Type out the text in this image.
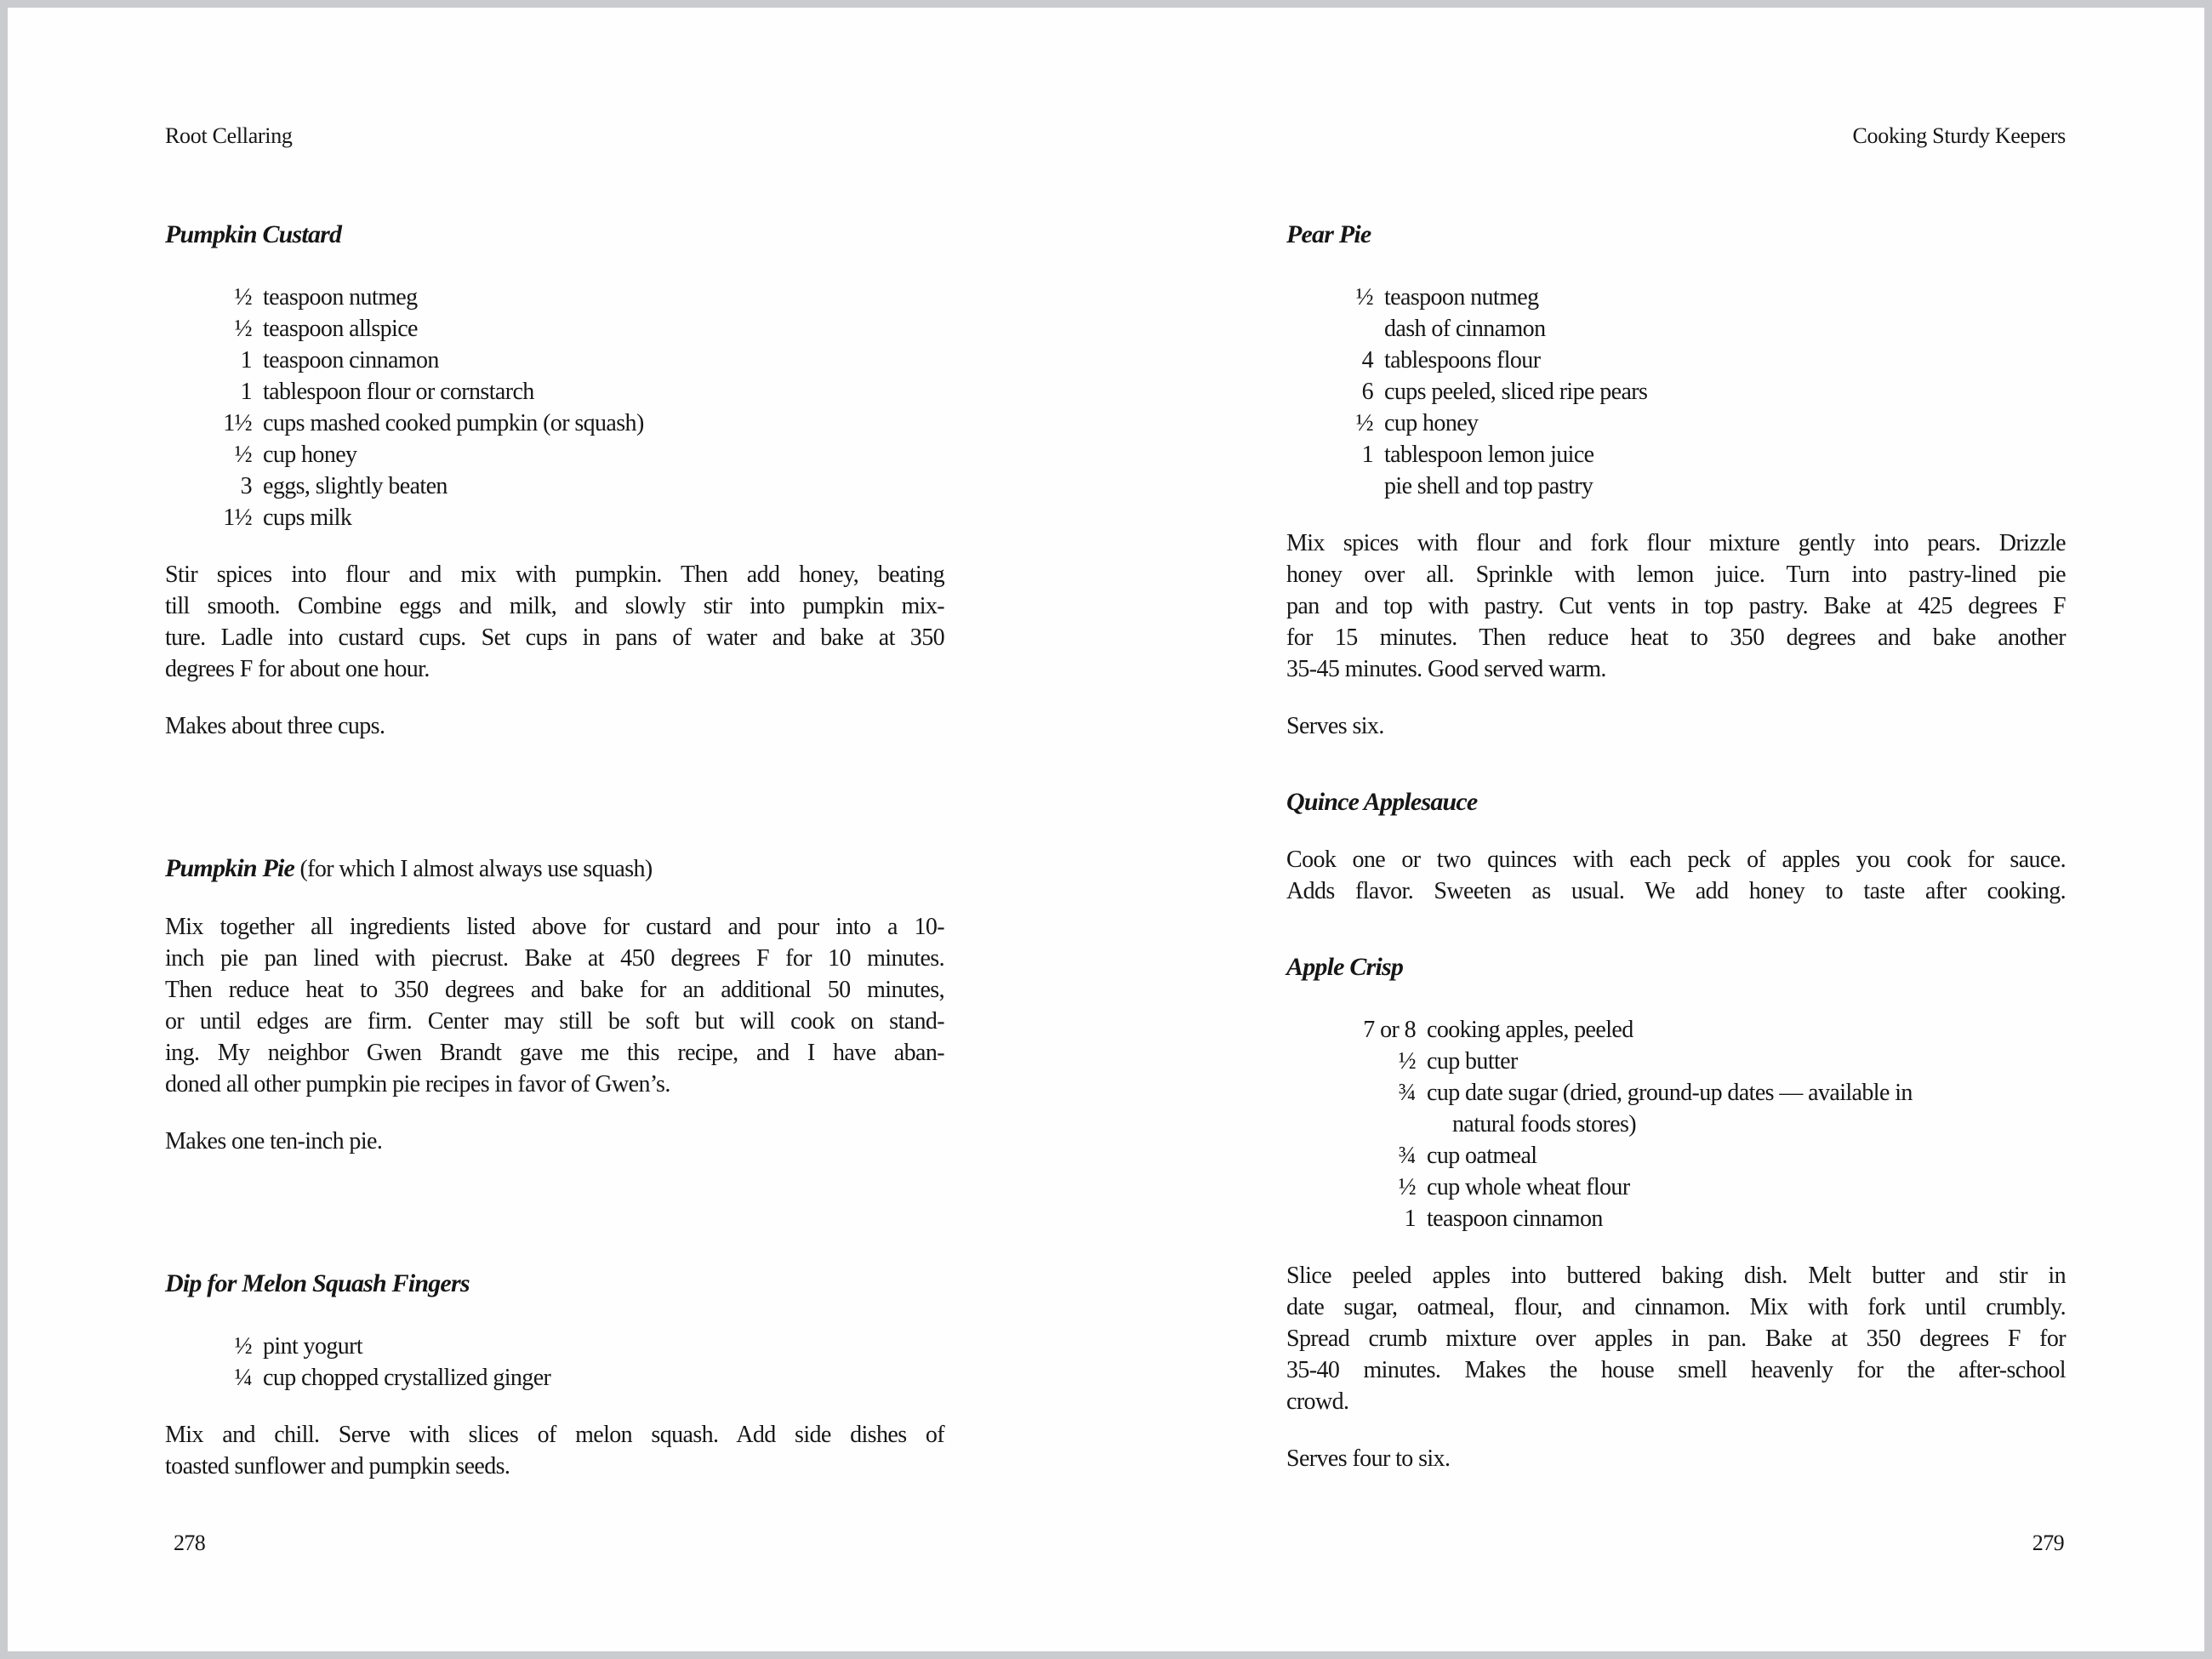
Root Cellaring
Pumpkin Custard
½ teaspoon nutmeg
½ teaspoon allspice
1 teaspoon cinnamon
1 tablespoon flour or cornstarch
1½ cups mashed cooked pumpkin (or squash)
½ cup honey
3 eggs, slightly beaten
1½ cups milk
Stir spices into flour and mix with pumpkin. Then add honey, beating
till smooth. Combine eggs and milk, and slowly stir into pumpkin mix-
ture. Ladle into custard cups. Set cups in pans of water and bake at 350
degrees F for about one hour.
Makes about three cups.
Pumpkin Pie (for which I almost always use squash)
Mix together all ingredients listed above for custard and pour into a 10-
inch pie pan lined with piecrust. Bake at 450 degrees F for 10 minutes.
Then reduce heat to 350 degrees and bake for an additional 50 minutes,
or until edges are firm. Center may still be soft but will cook on stand-
ing. My neighbor Gwen Brandt gave me this recipe, and I have aban-
doned all other pumpkin pie recipes in favor of Gwen’s.
Makes one ten-inch pie.
Dip for Melon Squash Fingers
½ pint yogurt
¼ cup chopped crystallized ginger
Mix and chill. Serve with slices of melon squash. Add side dishes of
toasted sunflower and pumpkin seeds.
278
Cooking Sturdy Keepers
Pear Pie
½ teaspoon nutmeg
dash of cinnamon
4 tablespoons flour
6 cups peeled, sliced ripe pears
½ cup honey
1 tablespoon lemon juice
pie shell and top pastry
Mix spices with flour and fork flour mixture gently into pears. Drizzle
honey over all. Sprinkle with lemon juice. Turn into pastry-lined pie
pan and top with pastry. Cut vents in top pastry. Bake at 425 degrees F
for 15 minutes. Then reduce heat to 350 degrees and bake another
35-45 minutes. Good served warm.
Serves six.
Quince Applesauce
Cook one or two quinces with each peck of apples you cook for sauce.
Adds flavor. Sweeten as usual. We add honey to taste after cooking.
Apple Crisp
7 or 8 cooking apples, peeled
½ cup butter
¾ cup date sugar (dried, ground-up dates — available in
natural foods stores)
¾ cup oatmeal
½ cup whole wheat flour
1 teaspoon cinnamon
Slice peeled apples into buttered baking dish. Melt butter and stir in
date sugar, oatmeal, flour, and cinnamon. Mix with fork until crumbly.
Spread crumb mixture over apples in pan. Bake at 350 degrees F for
35-40 minutes. Makes the house smell heavenly for the after-school
crowd.
Serves four to six.
279
